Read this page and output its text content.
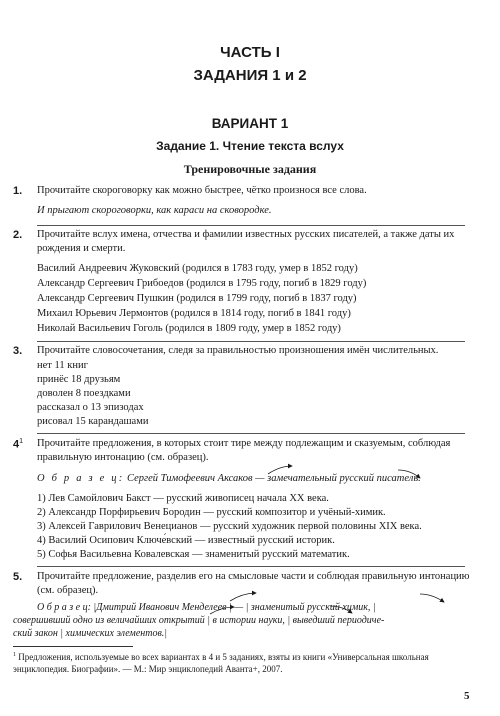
ЧАСТЬ I
ЗАДАНИЯ 1 и 2
ВАРИАНТ 1
Задание 1. Чтение текста вслух
Тренировочные задания
1. Прочитайте скороговорку как можно быстрее, чётко произнося все слова.
И прыгают скороговорки, как караси на сковородке.
2. Прочитайте вслух имена, отчества и фамилии известных русских писателей, а также даты их рождения и смерти.
Василий Андреевич Жуковский (родился в 1783 году, умер в 1852 году)
Александр Сергеевич Грибоедов (родился в 1795 году, погиб в 1829 году)
Александр Сергеевич Пушкин (родился в 1799 году, погиб в 1837 году)
Михаил Юрьевич Лермонтов (родился в 1814 году, погиб в 1841 году)
Николай Васильевич Гоголь (родился в 1809 году, умер в 1852 году)
3. Прочитайте словосочетания, следя за правильностью произношения имён числительных.
нет 11 книг
принёс 18 друзьям
доволен 8 поездками
рассказал о 13 эпизодах
рисовал 15 карандашами
$4^1$ Прочитайте предложения, в которых стоит тире между подлежащим и сказуемым, соблюдая правильную интонацию (см. образец).
О б р а з е ц: Сергей Тимофеевич Аксаков — замечательный русский писатель.
1) Лев Самойлович Бакст — русский живописец начала XX века.
2) Александр Порфирьевич Бородин — русский композитор и учёный-химик.
3) Алексей Гаврилович Венецианов — русский художник первой половины XIX века.
4) Василий Осипович Ключе́вский — известный русский историк.
5) Софья Васильевна Ковалевская — знаменитый русский математик.
5. Прочитайте предложение, разделив его на смысловые части и соблюдая правильную интонацию (см. образец).
О б р а з е ц: |Дмитрий Иванович Менделеев | — | знаменитый русский химик, |
совершивший одно из величайших открытий | в истории науки, | выведший периодиче-
ский закон | химических элементов.|
$^1$ Предложения, используемые во всех вариантах в 4 и 5 заданиях, взяты из книги «Универсальная школьная энциклопедия. Биографии». — М.: Мир энциклопедий Аванта+, 2007.
5
